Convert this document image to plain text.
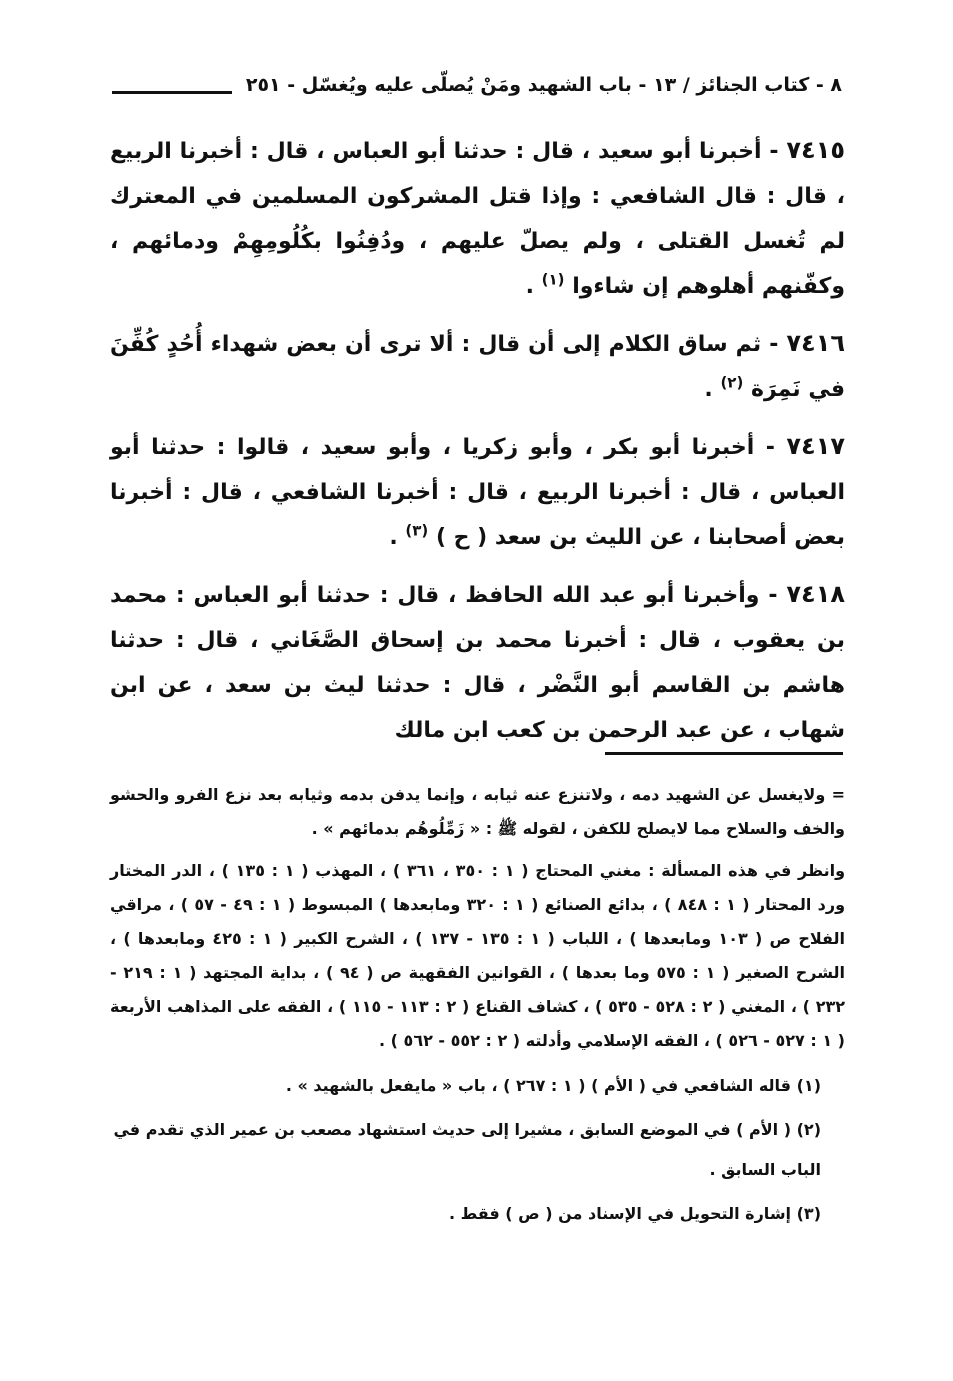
٨ - كتاب الجنائز / ١٣ - باب الشهيد ومَنْ يُصلّى عليه ويُغسّل - ٢٥١

٧٤١٥ - أخبرنا أبو سعيد ، قال : حدثنا أبو العباس ، قال : أخبرنا الربيع ، قال : قال الشافعي : وإذا قتل المشركون المسلمين في المعترك لم تُغسل القتلى ، ولم يصلّ عليهم ، ودُفِنُوا بكُلُومِهِمْ ودمائهم ، وكفّنهم أهلوهم إن شاءوا $^{(١)}$ .

٧٤١٦ - ثم ساق الكلام إلى أن قال : ألا ترى أن بعض شهداء أُحُدٍ كُفِّنَ في نَمِرَة $^{(٢)}$ .

٧٤١٧ - أخبرنا أبو بكر ، وأبو زكريا ، وأبو سعيد ، قالوا : حدثنا أبو العباس ، قال : أخبرنا الربيع ، قال : أخبرنا الشافعي ، قال : أخبرنا بعض أصحابنا ، عن الليث بن سعد ( ح ) $^{(٣)}$ .

٧٤١٨ - وأخبرنا أبو عبد الله الحافظ ، قال : حدثنا أبو العباس : محمد بن يعقوب ، قال : أخبرنا محمد بن إسحاق الصَّغَاني ، قال : حدثنا هاشم بن القاسم أبو النَّضْر ، قال : حدثنا ليث بن سعد ، عن ابن شهاب ، عن عبد الرحمن بن كعب ابن مالك

= ولايغسل عن الشهيد دمه ، ولاتنزع عنه ثيابه ، وإنما يدفن بدمه وثيابه بعد نزع الفرو والحشو والخف والسلاح مما لايصلح للكفن ، لقوله ﷺ : « زَمِّلُوهُم بدمائهم » .

وانظر في هذه المسألة : مغني المحتاج ( ١ : ٣٥٠ ، ٣٦١ ) ، المهذب ( ١ : ١٣٥ ) ، الدر المختار ورد المحتار ( ١ : ٨٤٨ ) ، بدائع الصنائع ( ١ : ٣٢٠ ومابعدها ) المبسوط ( ١ : ٤٩ - ٥٧ ) ، مراقي الفلاح ص ( ١٠٣ ومابعدها ) ، اللباب ( ١ : ١٣٥ - ١٣٧ ) ، الشرح الكبير ( ١ : ٤٢٥ ومابعدها ) ، الشرح الصغير ( ١ : ٥٧٥ وما بعدها ) ، القوانين الفقهية ص ( ٩٤ ) ، بداية المجتهد ( ١ : ٢١٩ - ٢٣٢ ) ، المغني ( ٢ : ٥٢٨ - ٥٣٥ ) ، كشاف القناع ( ٢ : ١١٣ - ١١٥ ) ، الفقه على المذاهب الأربعة ( ١ : ٥٢٧ - ٥٢٦ ) ، الفقه الإسلامي وأدلته ( ٢ : ٥٥٢ - ٥٦٢ ) .

(١) قاله الشافعي في ( الأم ) ( ١ : ٢٦٧ ) ، باب « مايفعل بالشهيد » .

(٢) ( الأم ) في الموضع السابق ، مشيرا إلى حديث استشهاد مصعب بن عمير الذي تقدم في الباب السابق .

(٣) إشارة التحويل في الإسناد من ( ص ) فقط .
